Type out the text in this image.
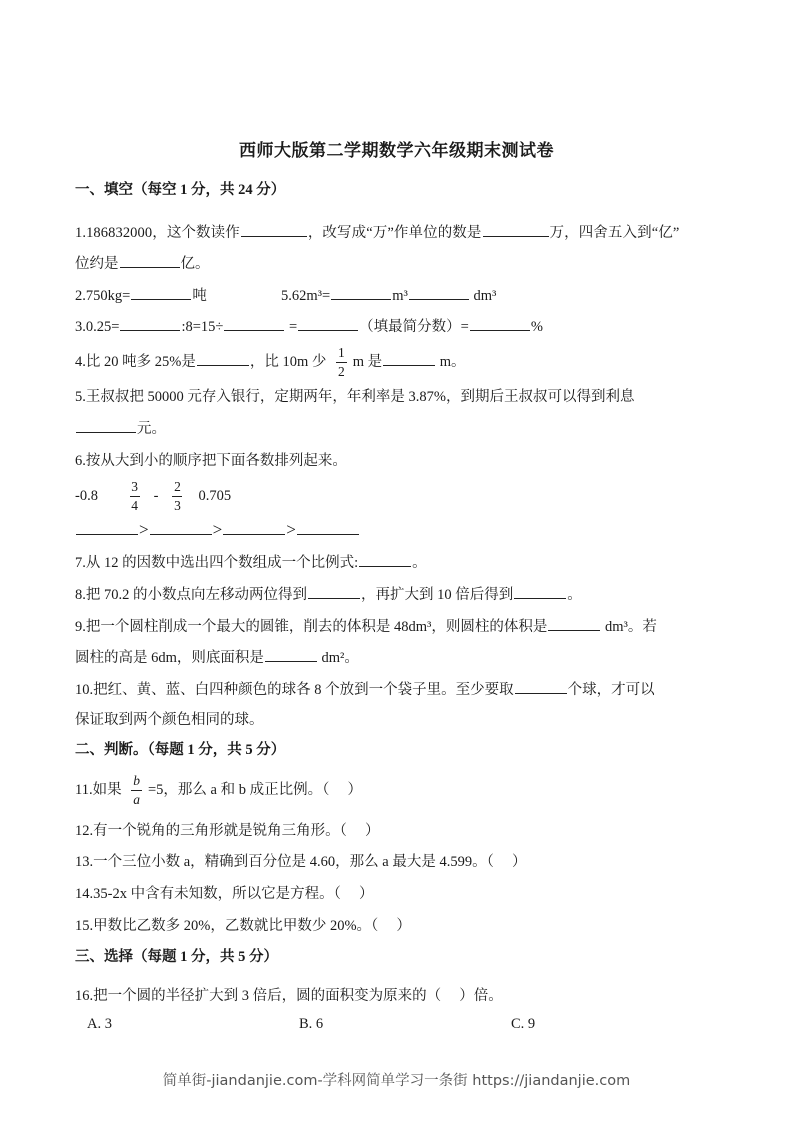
西师大版第二学期数学六年级期末测试卷
一、填空（每空 1 分，共 24 分）
1.186832000，这个数读作	，改写成“万”作单位的数是	万，四舍五入到“亿”
位约是	亿。
2.750kg=	吨	5.62m³=	m³	dm³
3.0.25=	:8=15÷	=	（填最简分数）=	%
4.比 20 吨多 25%是	，比 10m 少 $\frac{1}{2}$ m 是	m。
5.王叔叔把 50000 元存入银行，定期两年，年利率是 3.87%，到期后王叔叔可以得到利息
元。
6.按从大到小的顺序把下面各数排列起来。
$-0.8 \frac{3}{4} - \frac{2}{3} 0.705$
>	>	>
7.从 12 的因数中选出四个数组成一个比例式:	。
8.把 70.2 的小数点向左移动两位得到	，再扩大到 10 倍后得到	。
9.把一个圆柱削成一个最大的圆锥，削去的体积是 48dm³，则圆柱的体积是	dm³。若
圆柱的高是 6dm，则底面积是	dm²。
10.把红、黄、蓝、白四种颜色的球各 8 个放到一个袋子里。至少要取	个球，才可以
保证取到两个颜色相同的球。
二、判断。（每题 1 分，共 5 分）
11.如果 $\frac{b}{a} =5$，那么 a 和 b 成正比例。（　 ）
12.有一个锐角的三角形就是锐角三角形。（　 ）
13.一个三位小数 a，精确到百分位是 4.60，那么 a 最大是 4.599。（　 ）
14.35-2x 中含有未知数，所以它是方程。（　 ）
15.甲数比乙数多 20%，乙数就比甲数少 20%。（　 ）
三、选择（每题 1 分，共 5 分）
16.把一个圆的半径扩大到 3 倍后，圆的面积变为原来的（　 ）倍。
A. 3	B. 6	C. 9
简单街-jiandanjie.com-学科网简单学习一条街 https://jiandanjie.com
